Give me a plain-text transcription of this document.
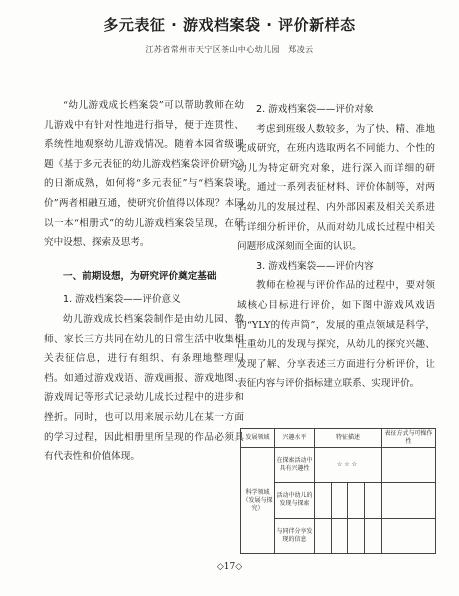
多元表征 · 游戏档案袋 · 评价新样态
江苏省常州市天宁区茶山中心幼儿园　郑凌云

“幼儿游戏成长档案袋”可以帮助教师在幼儿游戏中有针对性地进行指导，便于连贯性、系统性地观察幼儿游戏情况。随着本园省级课题《基于多元表征的幼儿游戏档案袋评价研究》的日渐成熟，如何将“多元表征”与“档案袋评价”两者相融互通，使研究价值得以体现？本园以一本“相册式”的幼儿游戏档案袋呈现，在研究中设想、探索及思考。

一、前期设想，为研究评价奠定基础

1. 游戏档案袋——评价意义

幼儿游戏成长档案袋制作是由幼儿园、教师、家长三方共同在幼儿的日常生活中收集相关表征信息，进行有组织、有条理地整理归档。如通过游戏戏语、游戏画报、游戏地图、游戏周记等形式记录幼儿成长过程中的进步和挫折。同时，也可以用来展示幼儿在某一方面的学习过程，因此相册里所呈现的作品必须具有代表性和价值体现。

2. 游戏档案袋——评价对象

考虑到班级人数较多，为了快、精、准地完成研究，在班内选取两名不同能力、个性的幼儿为特定研究对象，进行深入而详细的研究。通过一系列表征材料、评价体制等，对两名幼儿的发展过程、内外部因素及相关关系进行详细分析评价，从而对幼儿成长过程中相关问题形成深刻而全面的认识。

3. 游戏档案袋——评价内容

教师在检视与评价作品的过程中，要对领域核心目标进行评价，如下图中游戏风戏语的“YLY的传声筒”，发展的重点领域是科学，注重幼儿的发现与探究，从幼儿的探究兴趣、发现了解、分享表述三方面进行分析评价，让表征内容与评价指标建立联系、实现评价。

发展领域	兴趣水平	特征描述				表征方式与可操作性
科学领域（发展与探究）	在探索活动中具有兴趣性	☆☆☆				
	活动中幼儿的发现与探索					
	与同伴分享发现的信息					
◇17◇
